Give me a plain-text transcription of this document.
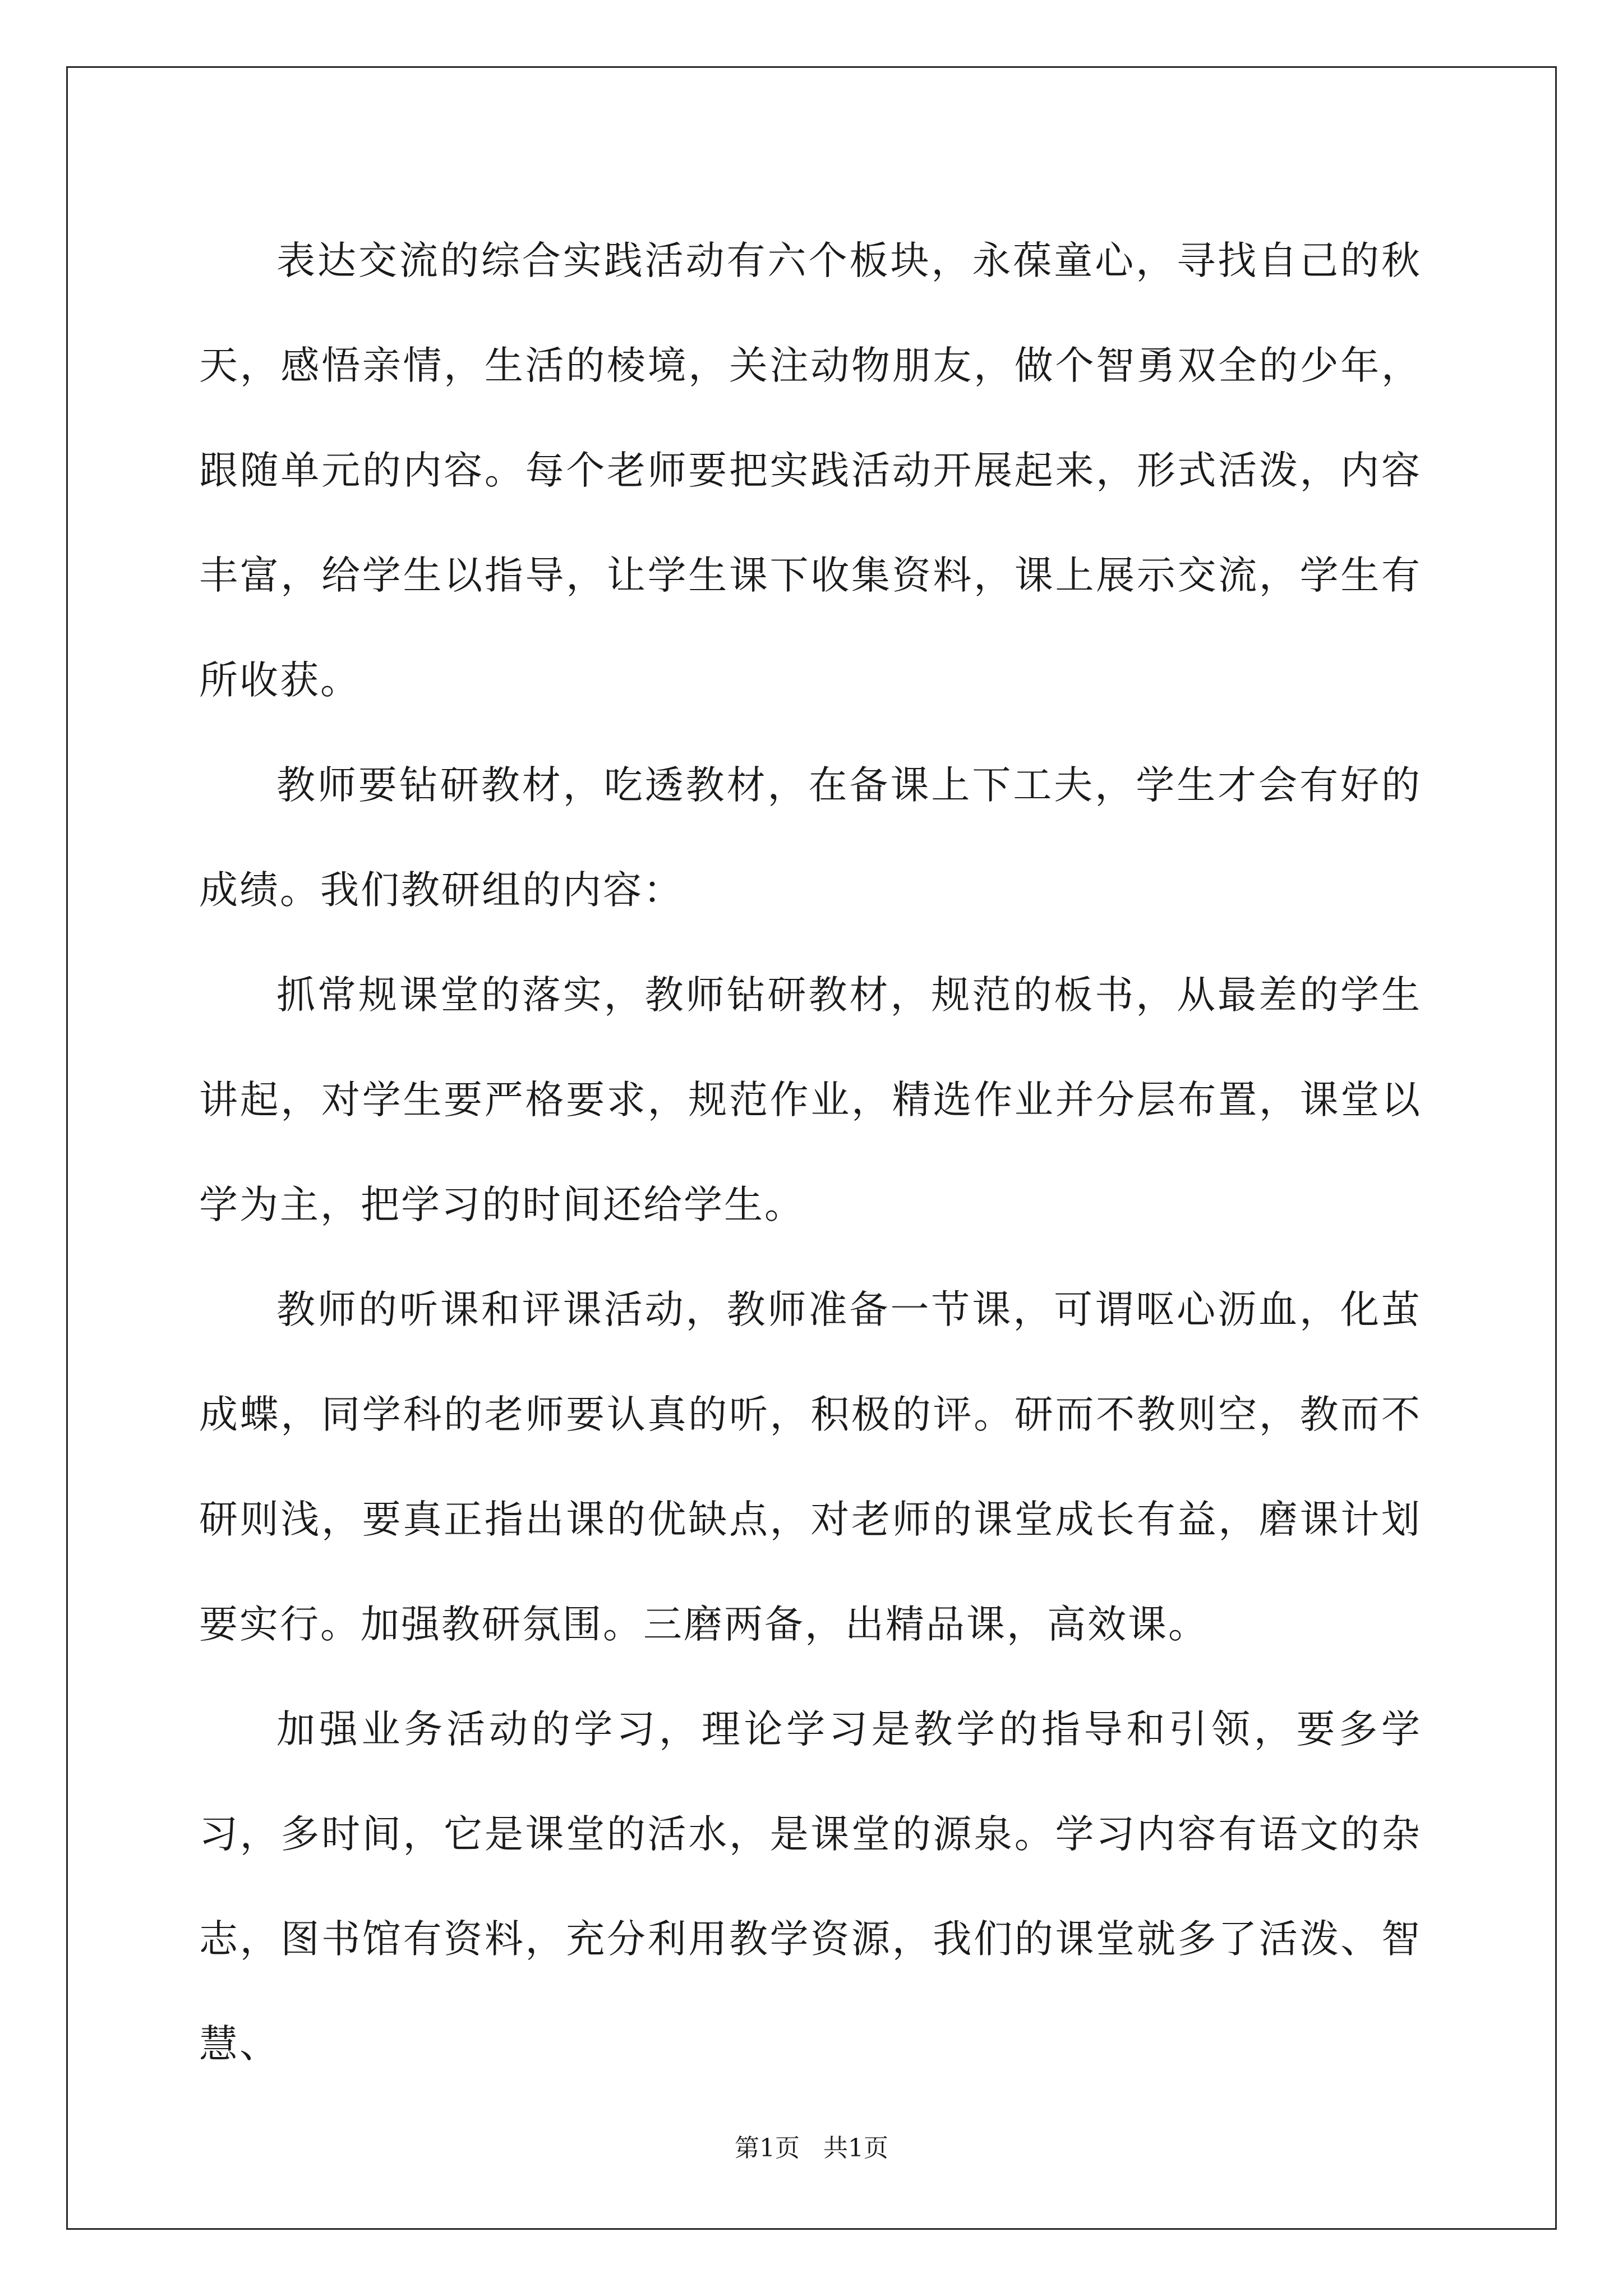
表达交流的综合实践活动有六个板块，永葆童心，寻找自己的秋天，感悟亲情，生活的棱境，关注动物朋友，做个智勇双全的少年，跟随单元的内容。每个老师要把实践活动开展起来，形式活泼，内容丰富，给学生以指导，让学生课下收集资料，课上展示交流，学生有所收获。

教师要钻研教材，吃透教材，在备课上下工夫，学生才会有好的成绩。我们教研组的内容：

抓常规课堂的落实，教师钻研教材，规范的板书，从最差的学生讲起，对学生要严格要求，规范作业，精选作业并分层布置，课堂以学为主，把学习的时间还给学生。

教师的听课和评课活动，教师准备一节课，可谓呕心沥血，化茧成蝶，同学科的老师要认真的听，积极的评。研而不教则空，教而不研则浅，要真正指出课的优缺点，对老师的课堂成长有益，磨课计划要实行。加强教研氛围。三磨两备，出精品课，高效课。

加强业务活动的学习，理论学习是教学的指导和引领，要多学习，多时间，它是课堂的活水，是课堂的源泉。学习内容有语文的杂志，图书馆有资料，充分利用教学资源，我们的课堂就多了活泼、智慧、

第1页   共1页
